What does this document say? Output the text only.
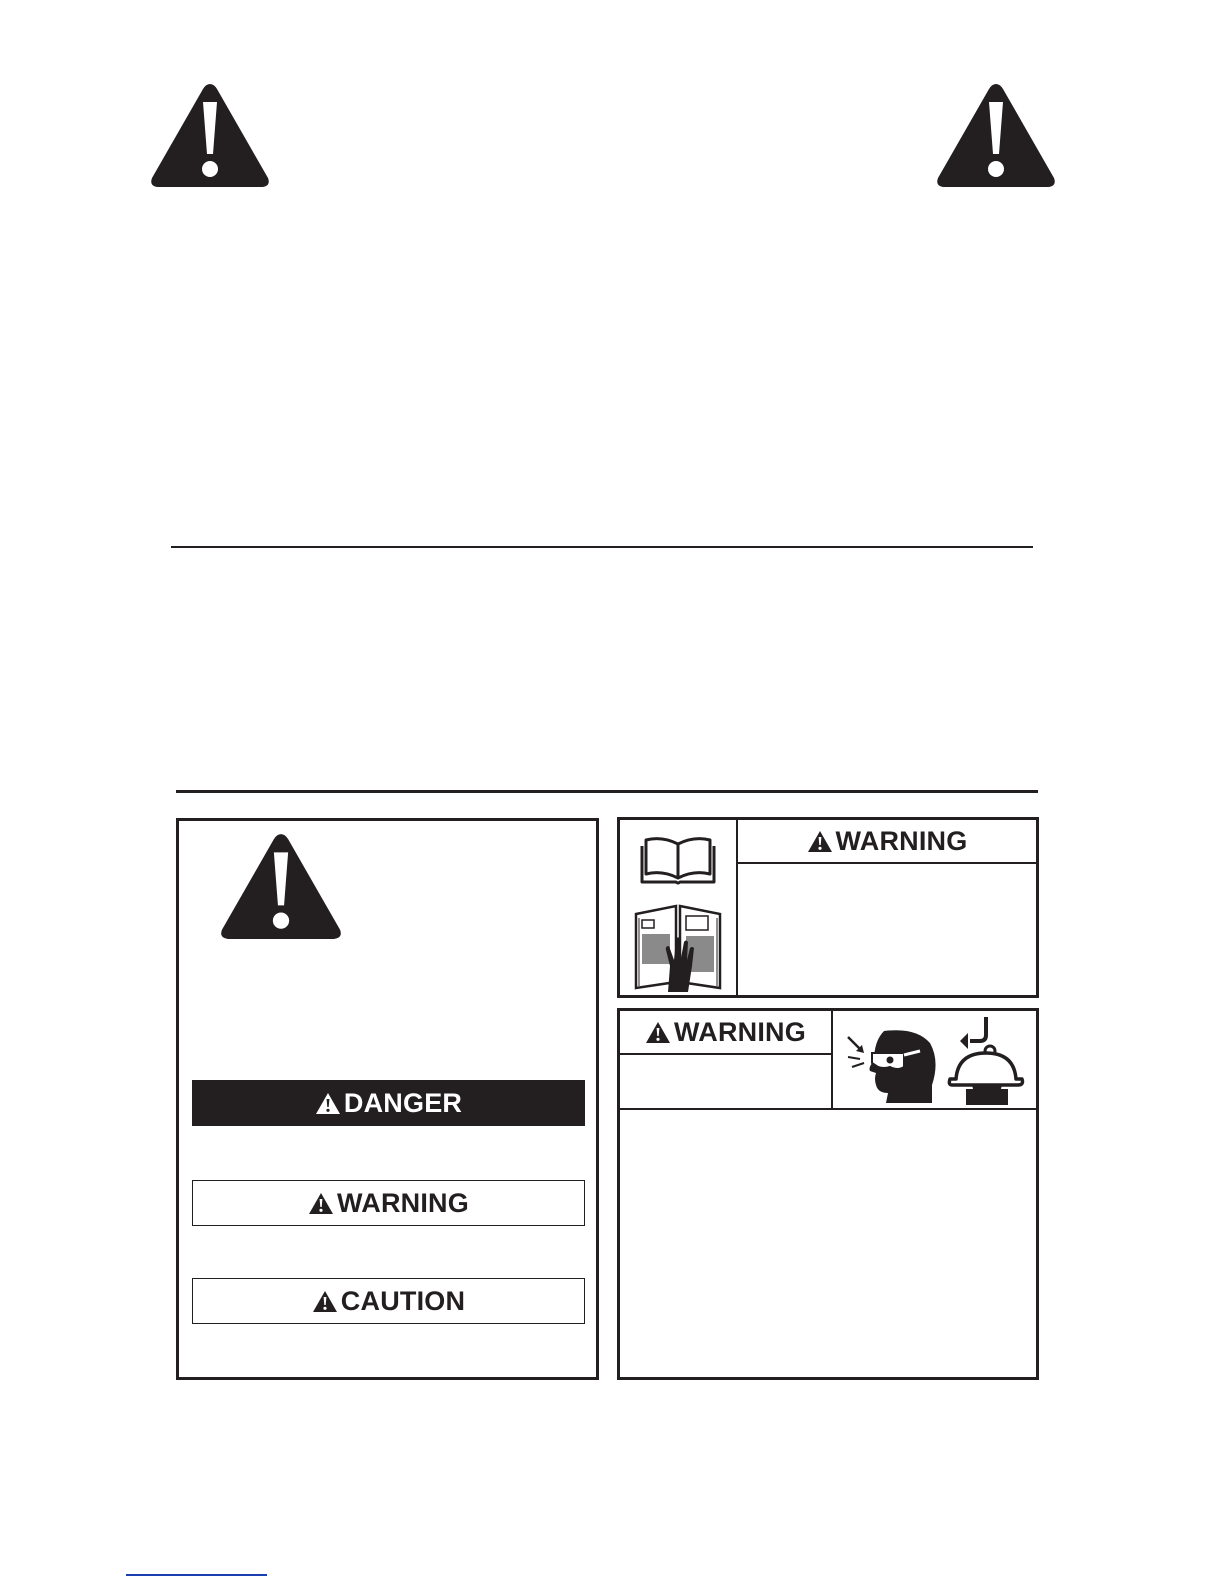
DANGER
WARNING
CAUTION
WARNING
WARNING
